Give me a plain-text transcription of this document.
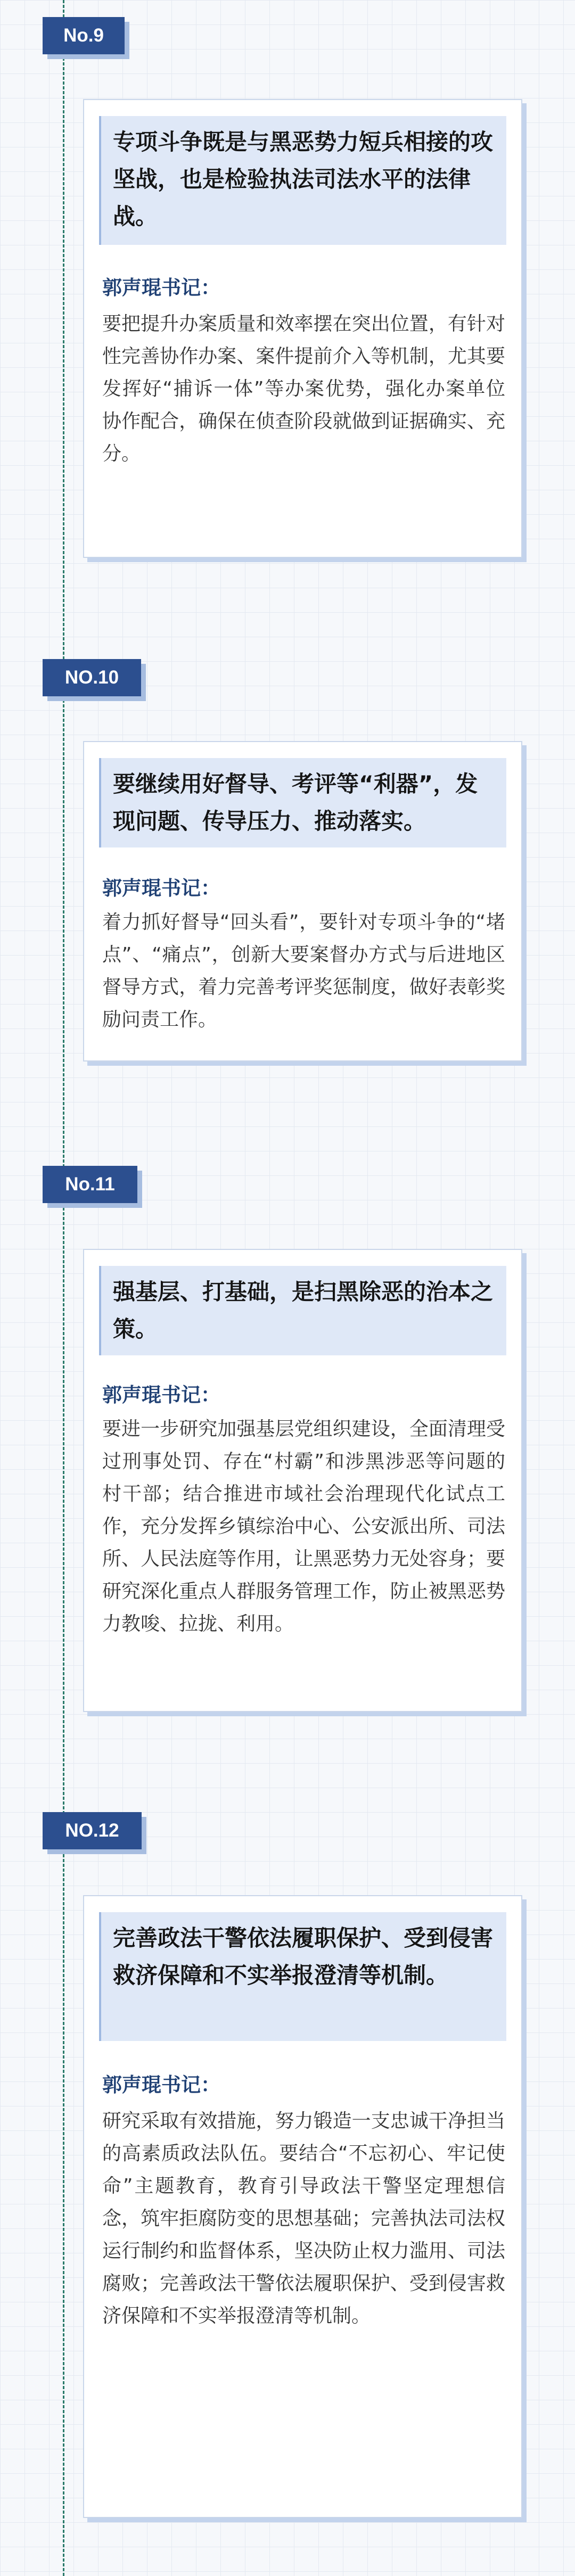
No.9
专项斗争既是与黑恶势力短兵相接的攻坚战，也是检验执法司法水平的法律战。
郭声琨书记：
要把提升办案质量和效率摆在突出位置，有针对性完善协作办案、案件提前介入等机制，尤其要发挥好“捕诉一体”等办案优势，强化办案单位协作配合，确保在侦查阶段就做到证据确实、充分。
NO.10
要继续用好督导、考评等“利器”，发现问题、传导压力、推动落实。
郭声琨书记：
着力抓好督导“回头看”，要针对专项斗争的“堵点”、“痛点”，创新大要案督办方式与后进地区督导方式，着力完善考评奖惩制度，做好表彰奖励问责工作。
No.11
强基层、打基础，是扫黑除恶的治本之策。
郭声琨书记：
要进一步研究加强基层党组织建设，全面清理受过刑事处罚、存在“村霸”和涉黑涉恶等问题的村干部；结合推进市域社会治理现代化试点工作，充分发挥乡镇综治中心、公安派出所、司法所、人民法庭等作用，让黑恶势力无处容身；要研究深化重点人群服务管理工作，防止被黑恶势力教唆、拉拢、利用。
NO.12
完善政法干警依法履职保护、受到侵害救济保障和不实举报澄清等机制。
郭声琨书记：
研究采取有效措施，努力锻造一支忠诚干净担当的高素质政法队伍。要结合“不忘初心、牢记使命”主题教育，教育引导政法干警坚定理想信念，筑牢拒腐防变的思想基础；完善执法司法权运行制约和监督体系，坚决防止权力滥用、司法腐败；完善政法干警依法履职保护、受到侵害救济保障和不实举报澄清等机制。
